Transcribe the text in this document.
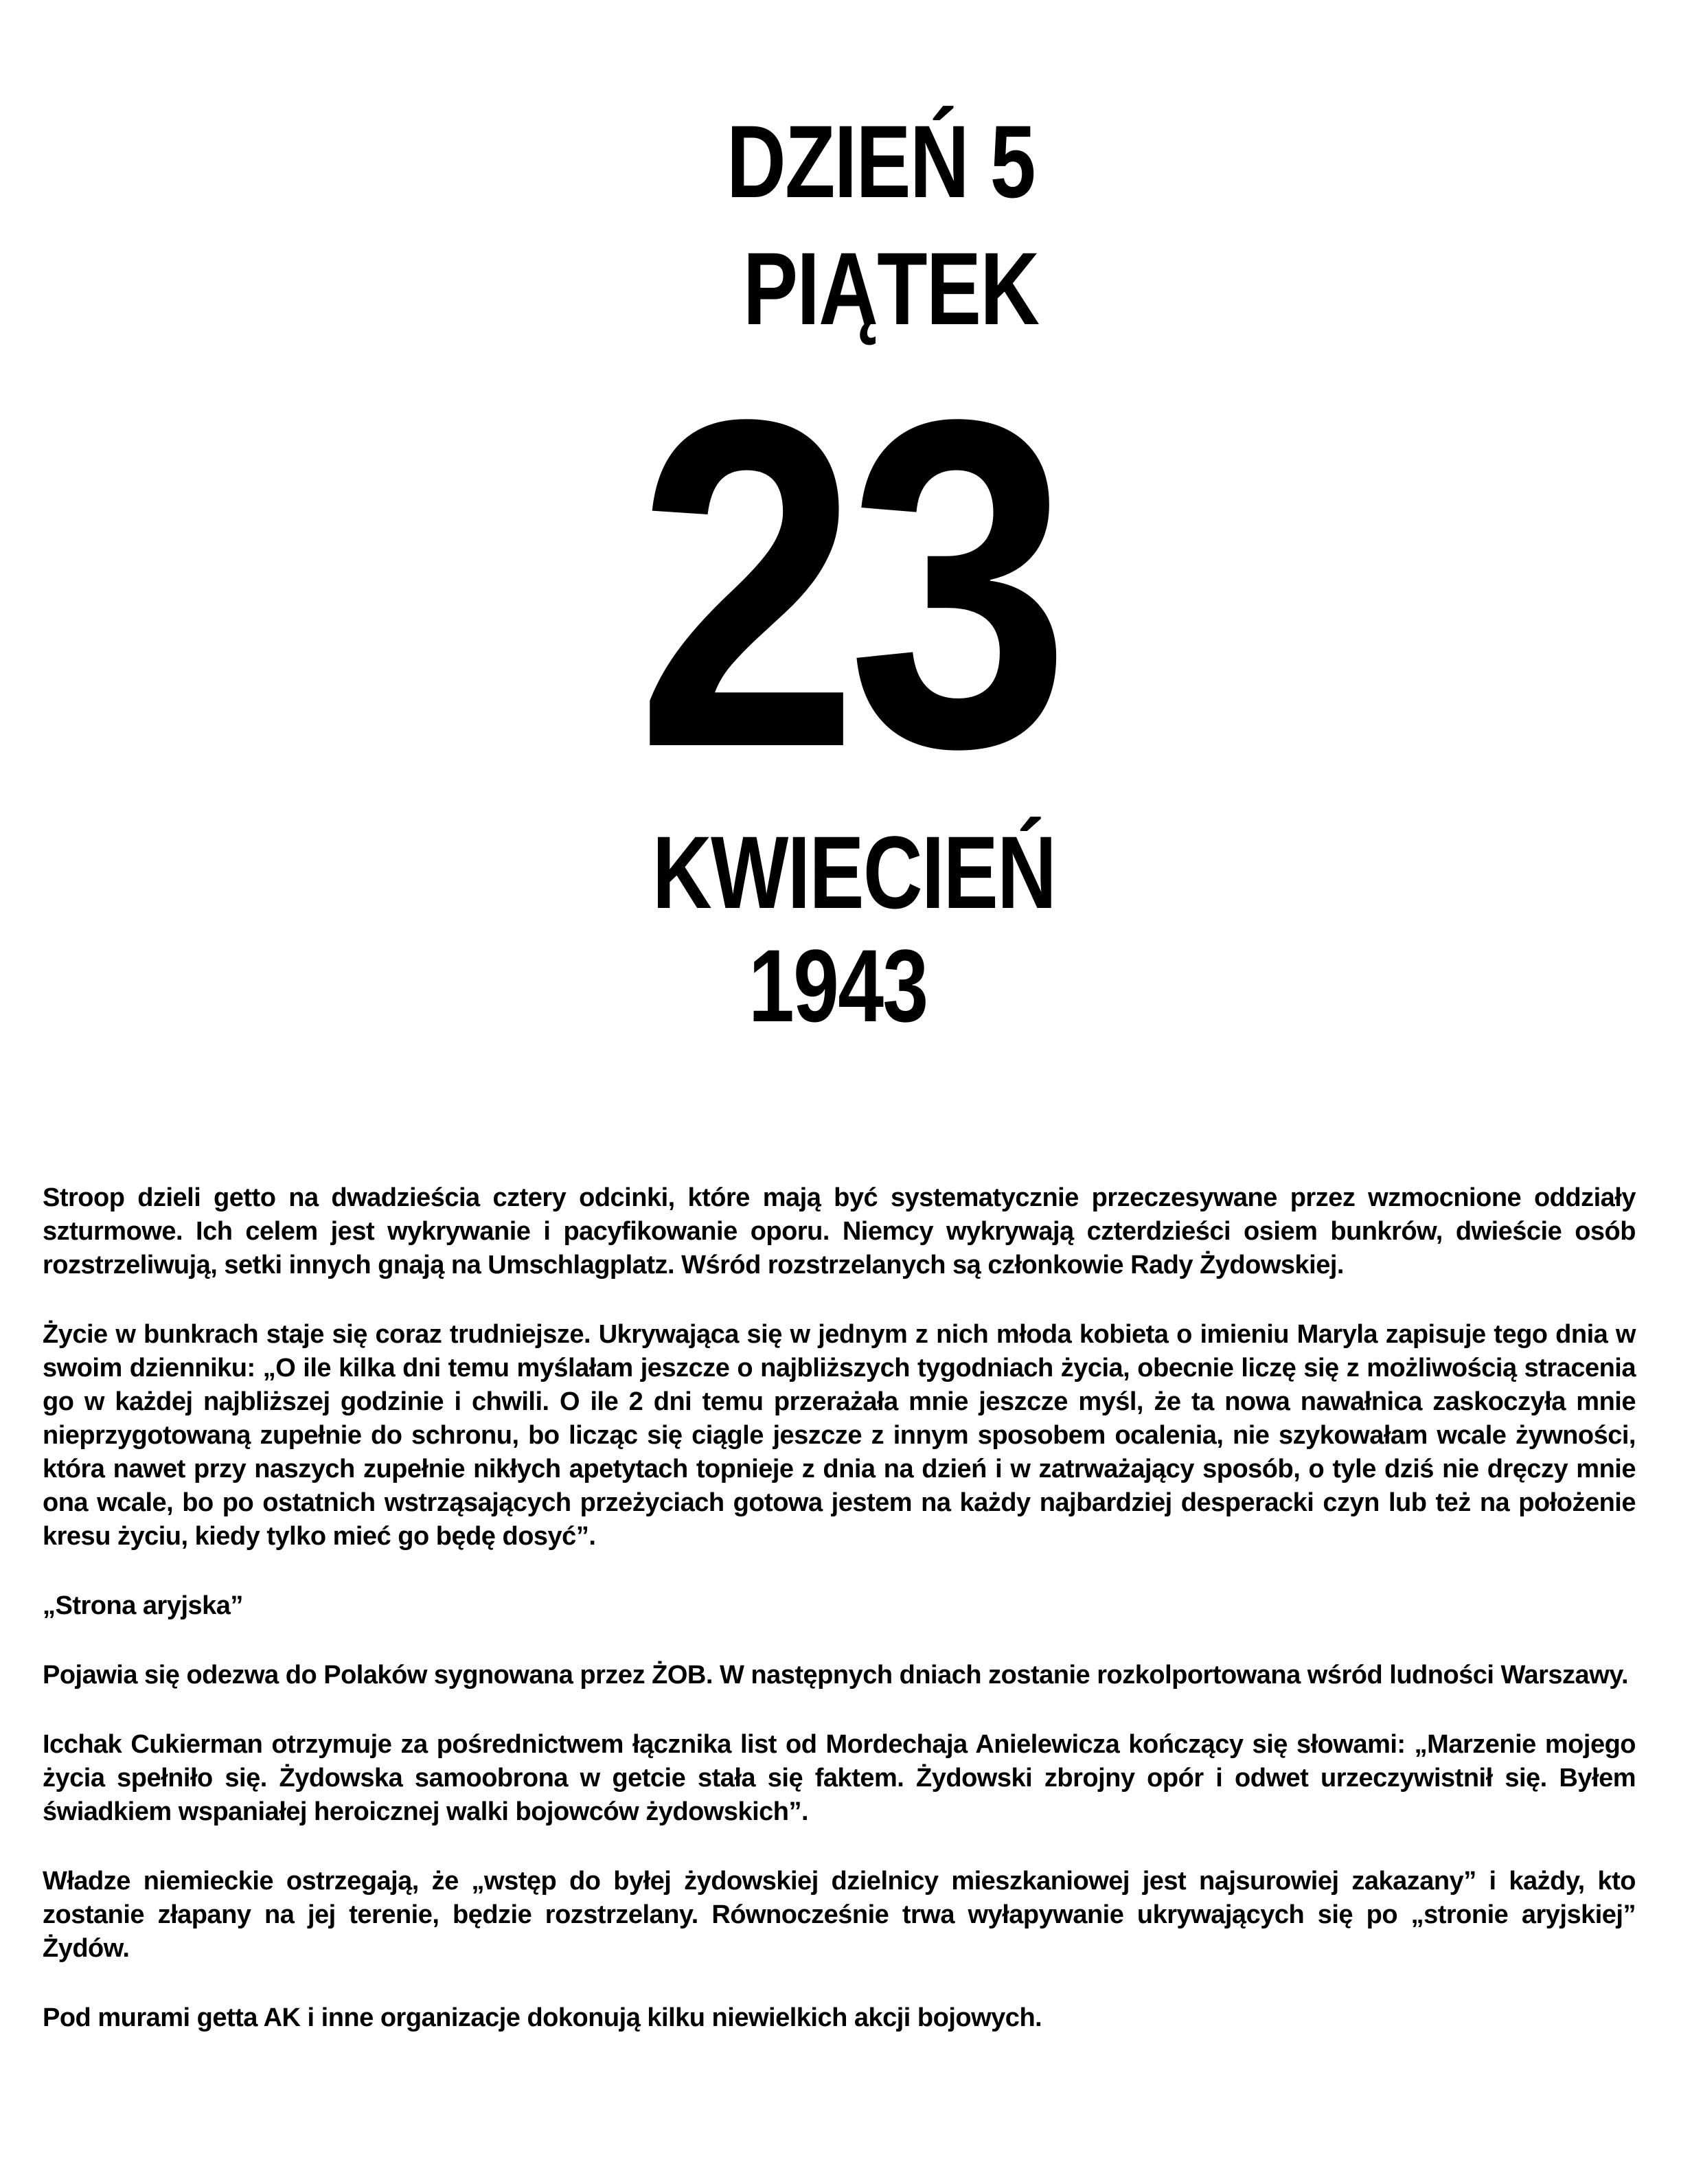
DZIEŃ 5
PIĄTEK
23
KWIECIEŃ
1943

Stroop dzieli getto na dwadzieścia cztery odcinki, które mają być systematycznie przeczesywane przez wzmocnione oddziały szturmowe. Ich celem jest wykrywanie i pacyfikowanie oporu. Niemcy wykrywają czterdzieści osiem bunkrów, dwieście osób rozstrzeliwują, setki innych gnają na Umschlagplatz. Wśród rozstrzelanych są członkowie Rady Żydowskiej.

Życie w bunkrach staje się coraz trudniejsze. Ukrywająca się w jednym z nich młoda kobieta o imieniu Maryla zapisuje tego dnia w swoim dzienniku: „O ile kilka dni temu myślałam jeszcze o najbliższych tygodniach życia, obecnie liczę się z możliwością stracenia go w każdej najbliższej godzinie i chwili. O ile 2 dni temu przerażała mnie jeszcze myśl, że ta nowa nawałnica zaskoczyła mnie nieprzygotowaną zupełnie do schronu, bo licząc się ciągle jeszcze z innym sposobem ocalenia, nie szykowałam wcale żywności, która nawet przy naszych zupełnie nikłych apetytach topnieje z dnia na dzień i w zatrważający sposób, o tyle dziś nie dręczy mnie ona wcale, bo po ostatnich wstrząsających przeżyciach gotowa jestem na każdy najbardziej desperacki czyn lub też na położenie kresu życiu, kiedy tylko mieć go będę dosyć”.

„Strona aryjska”

Pojawia się odezwa do Polaków sygnowana przez ŻOB. W następnych dniach zostanie rozkolportowana wśród ludności Warszawy.

Icchak Cukierman otrzymuje za pośrednictwem łącznika list od Mordechaja Anielewicza kończący się słowami: „Marzenie mojego życia spełniło się. Żydowska samoobrona w getcie stała się faktem. Żydowski zbrojny opór i odwet urzeczywistnił się. Byłem świadkiem wspaniałej heroicznej walki bojowców żydowskich”.

Władze niemieckie ostrzegają, że „wstęp do byłej żydowskiej dzielnicy mieszkaniowej jest najsurowiej zakazany” i każdy, kto zostanie złapany na jej terenie, będzie rozstrzelany. Równocześnie trwa wyłapywanie ukrywających się po „stronie aryjskiej” Żydów.

Pod murami getta AK i inne organizacje dokonują kilku niewielkich akcji bojowych.
